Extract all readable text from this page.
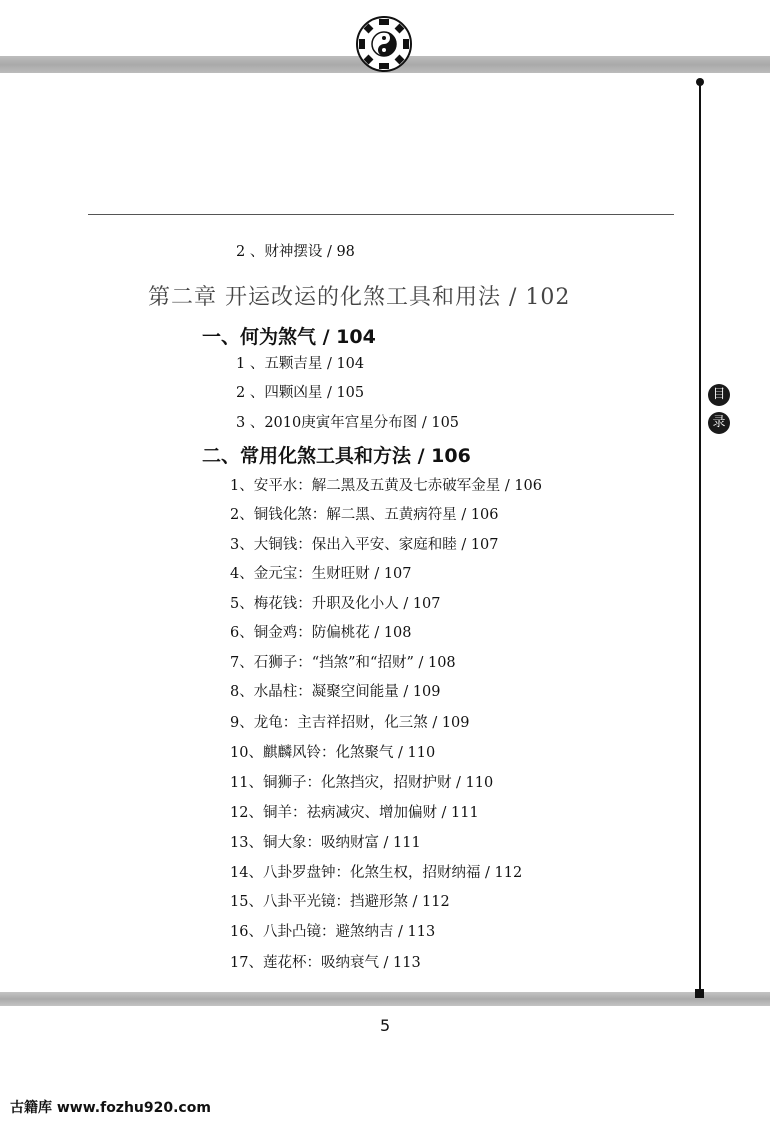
目
录
2 、财神摆设 / 98
第二章 开运改运的化煞工具和用法 / 102
一、何为煞气 / 104
1 、五颗吉星 / 104
2 、四颗凶星 / 105
3 、2010庚寅年宫星分布图 / 105
二、常用化煞工具和方法 / 106
1、安平水：解二黑及五黄及七赤破军金星 / 106
2、铜钱化煞：解二黑、五黄病符星 / 106
3、大铜钱：保出入平安、家庭和睦 / 107
4、金元宝：生财旺财 / 107
5、梅花钱：升职及化小人 / 107
6、铜金鸡：防偏桃花 / 108
7、石狮子：“挡煞”和“招财” / 108
8、水晶柱：凝聚空间能量 / 109
9、龙龟：主吉祥招财，化三煞 / 109
10、麒麟风铃：化煞聚气 / 110
11、铜狮子：化煞挡灾，招财护财 / 110
12、铜羊：祛病减灾、增加偏财 / 111
13、铜大象：吸纳财富 / 111
14、八卦罗盘钟：化煞生权，招财纳福 / 112
15、八卦平光镜：挡避形煞 / 112
16、八卦凸镜：避煞纳吉 / 113
17、莲花杯：吸纳衰气 / 113
5
古籍库 www.fozhu920.com
